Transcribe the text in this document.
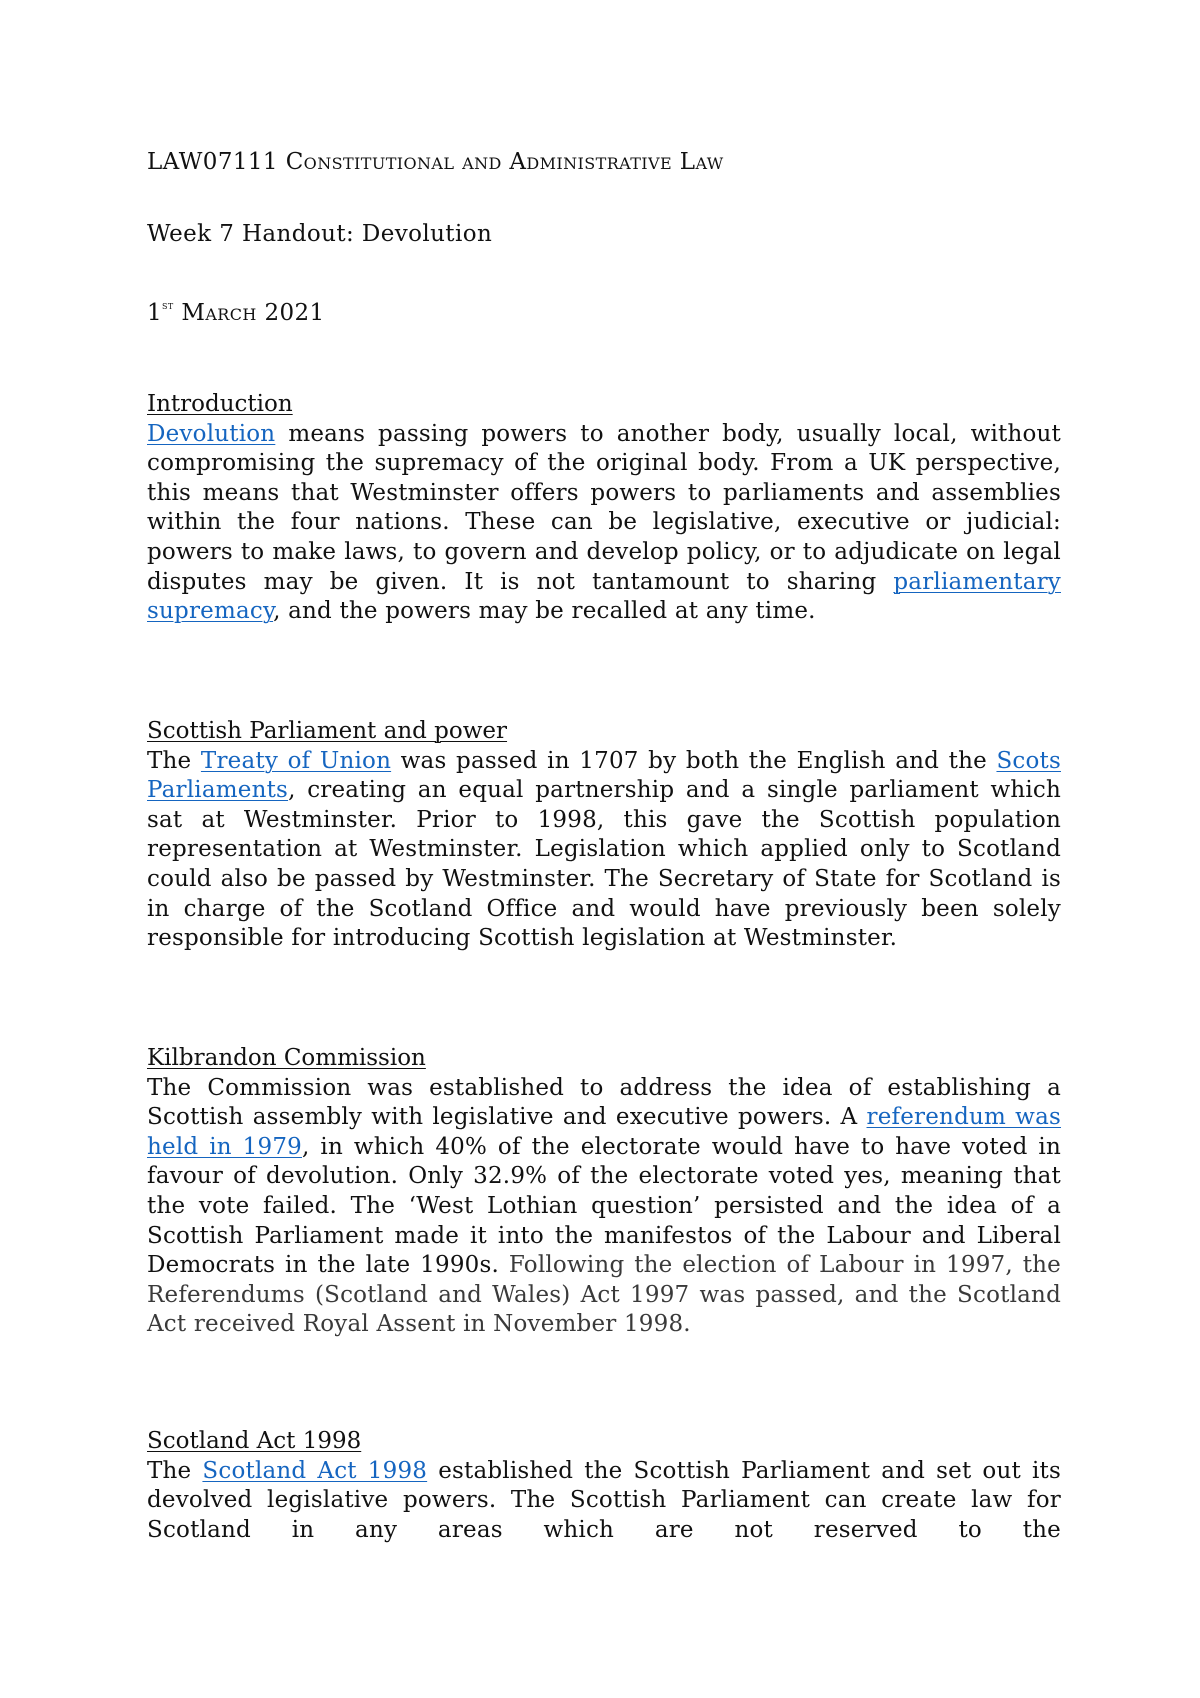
LAW07111 Constitutional and Administrative Law

Week 7 Handout: Devolution

1st March 2021

Introduction

Devolution means passing powers to another body, usually local, without compromising the supremacy of the original body. From a UK perspective, this means that Westminster offers powers to parliaments and assemblies within the four nations. These can be legislative, executive or judicial: powers to make laws, to govern and develop policy, or to adjudicate on legal disputes may be given. It is not tantamount to sharing parliamentary supremacy, and the powers may be recalled at any time.

Scottish Parliament and power

The Treaty of Union was passed in 1707 by both the English and the Scots Parliaments, creating an equal partnership and a single parliament which sat at Westminster. Prior to 1998, this gave the Scottish population representation at Westminster. Legislation which applied only to Scotland could also be passed by Westminster. The Secretary of State for Scotland is in charge of the Scotland Office and would have previously been solely responsible for introducing Scottish legislation at Westminster.

Kilbrandon Commission

The Commission was established to address the idea of establishing a Scottish assembly with legislative and executive powers. A referendum was held in 1979, in which 40% of the electorate would have to have voted in favour of devolution. Only 32.9% of the electorate voted yes, meaning that the vote failed. The ‘West Lothian question’ persisted and the idea of a Scottish Parliament made it into the manifestos of the Labour and Liberal Democrats in the late 1990s. Following the election of Labour in 1997, the Referendums (Scotland and Wales) Act 1997 was passed, and the Scotland Act received Royal Assent in November 1998.

Scotland Act 1998

The Scotland Act 1998 established the Scottish Parliament and set out its devolved legislative powers. The Scottish Parliament can create law for Scotland in any areas which are not reserved to the
